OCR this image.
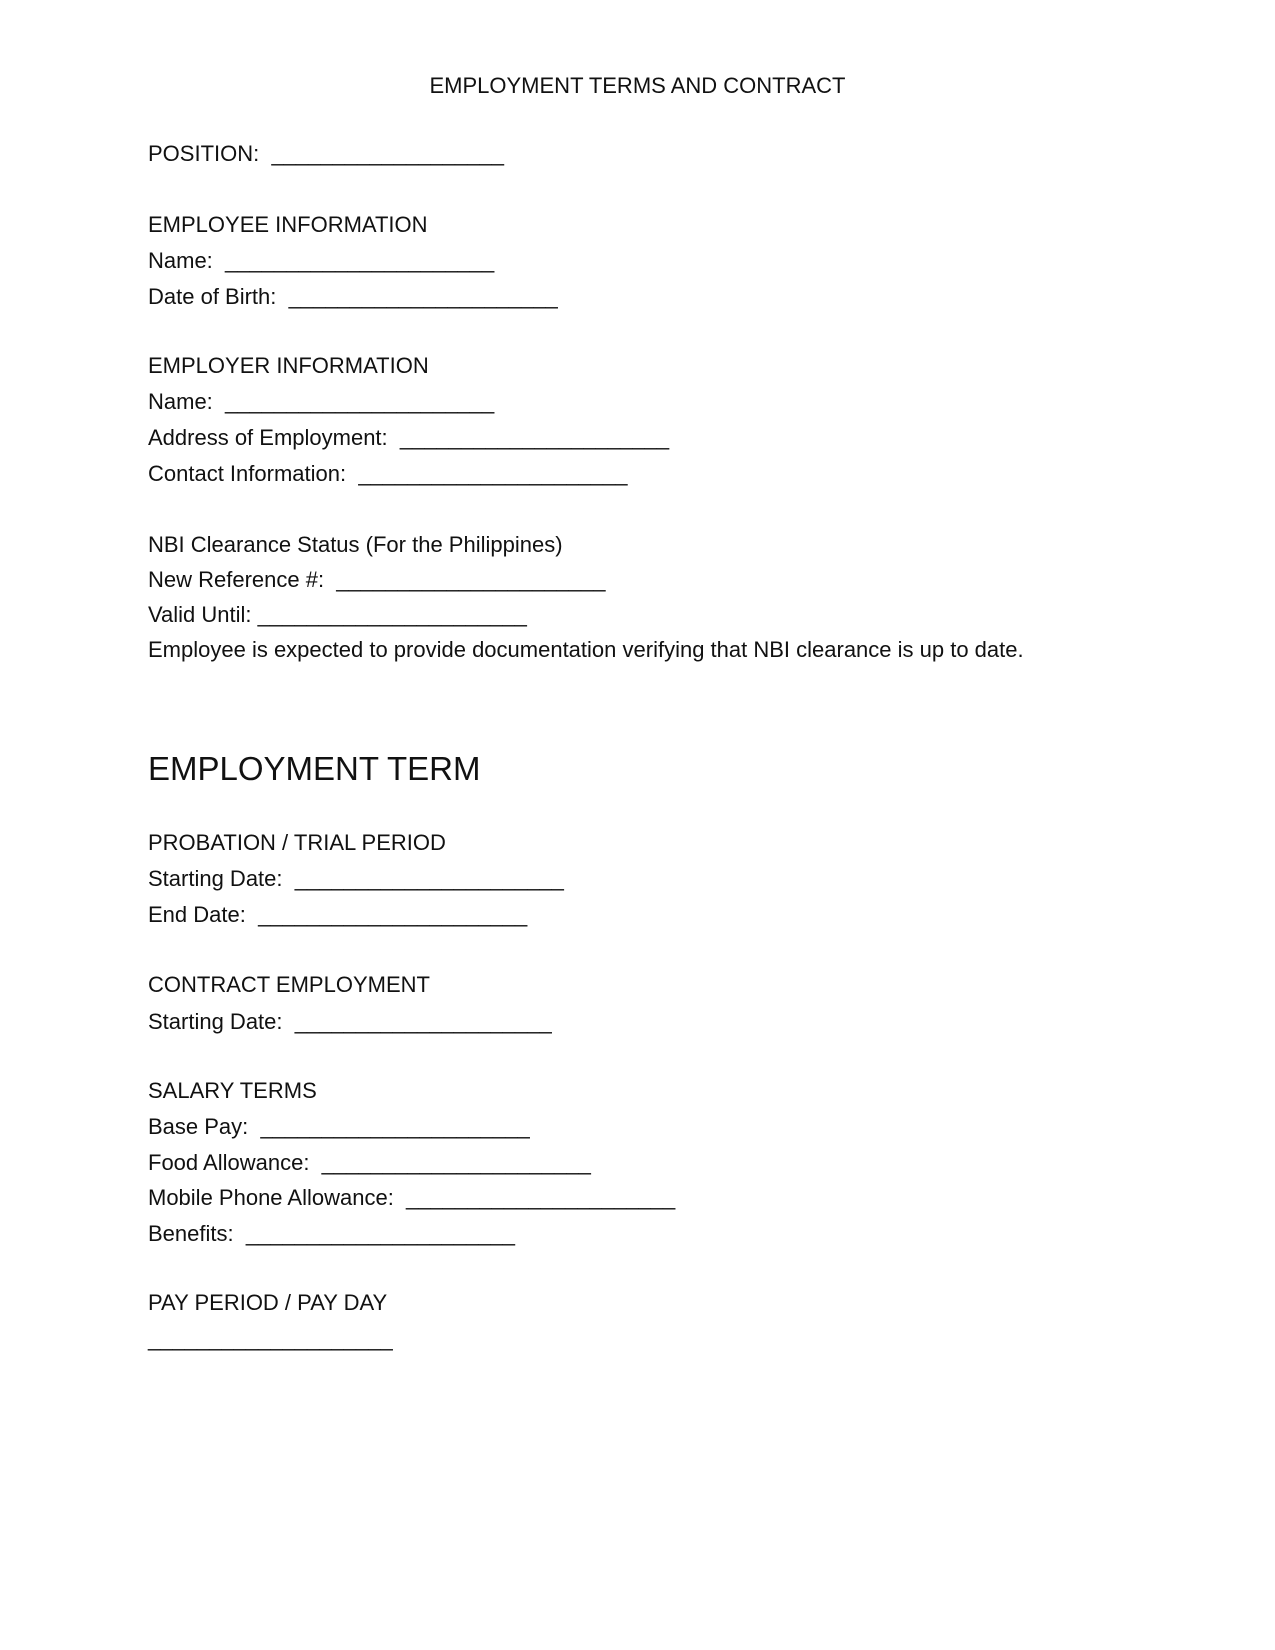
EMPLOYMENT TERMS AND CONTRACT

POSITION:  ___________________

EMPLOYEE INFORMATION

Name:  ______________________

Date of Birth:  ______________________

EMPLOYER INFORMATION

Name:  ______________________

Address of Employment:  ______________________

Contact Information:  ______________________

NBI Clearance Status (For the Philippines)

New Reference #:  ______________________

Valid Until: ______________________

Employee is expected to provide documentation verifying that NBI clearance is up to date.

EMPLOYMENT TERM

PROBATION / TRIAL PERIOD

Starting Date:  ______________________

End Date:  ______________________

CONTRACT EMPLOYMENT

Starting Date:  _____________________

SALARY TERMS

Base Pay:  ______________________

Food Allowance:  ______________________

Mobile Phone Allowance:  ______________________

Benefits:  ______________________

PAY PERIOD / PAY DAY

____________________
